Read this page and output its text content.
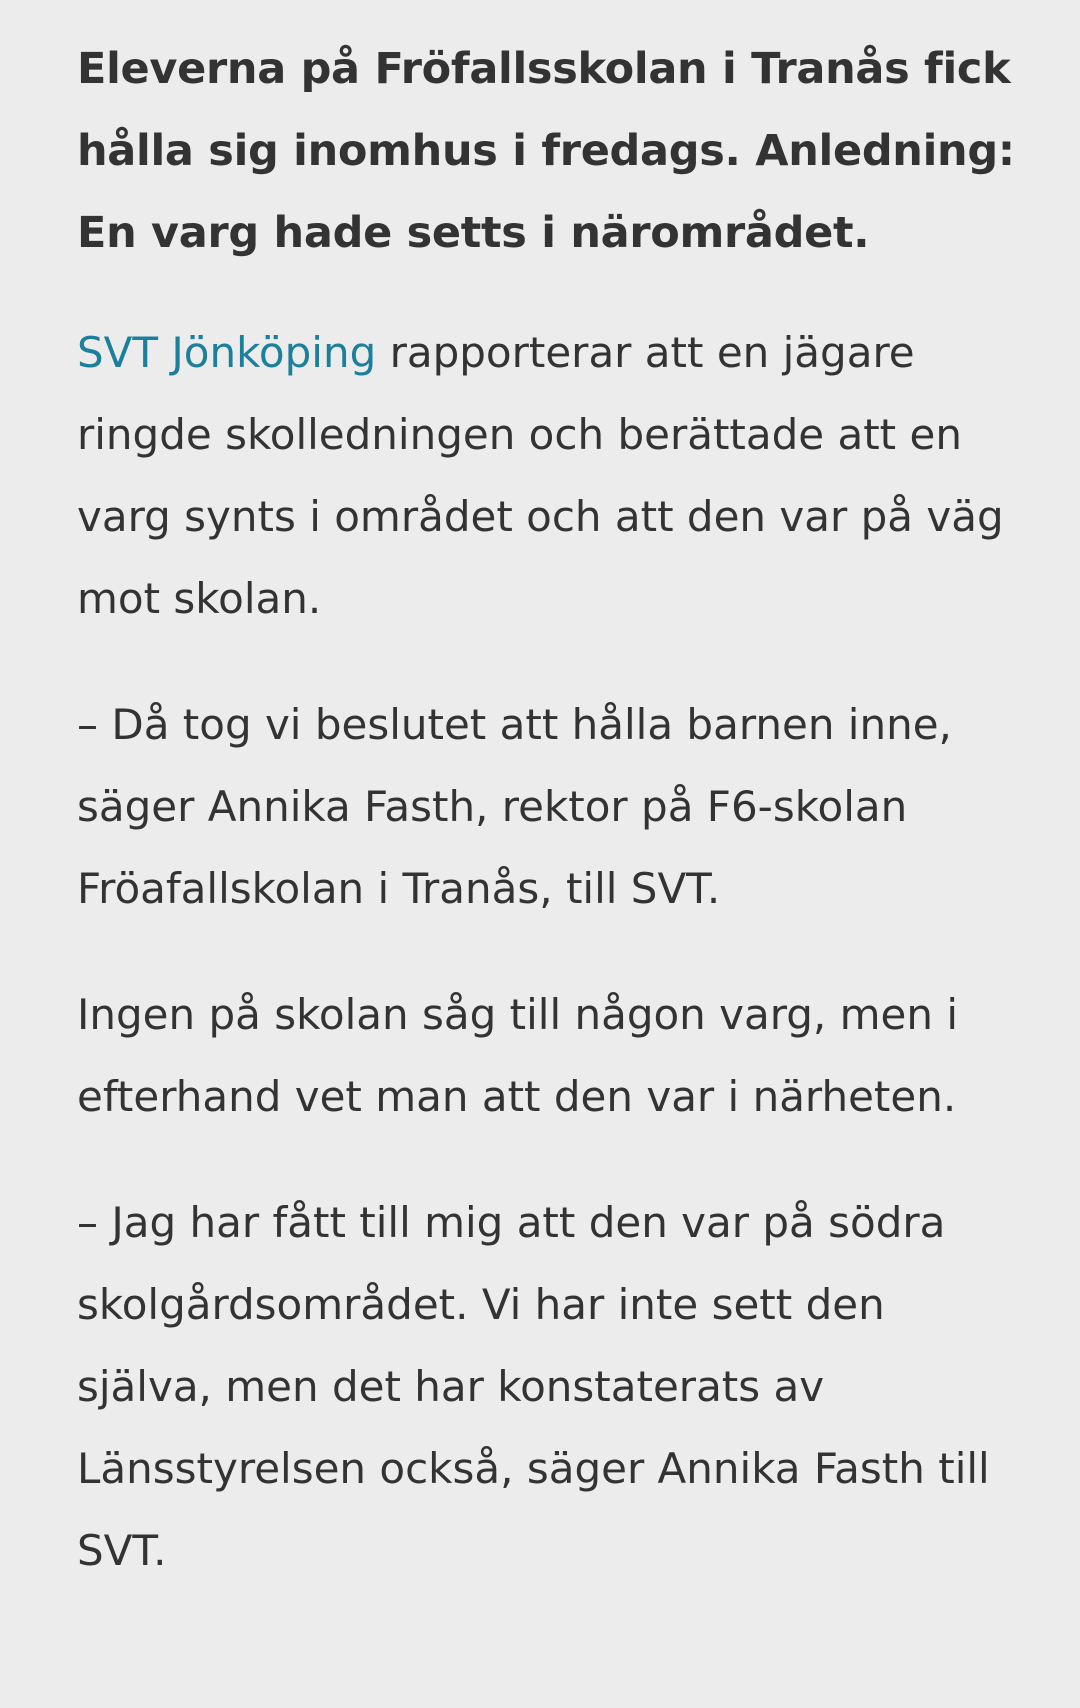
Eleverna på Fröfallsskolan i Tranås fick hålla sig inomhus i fredags. Anledning: En varg hade setts i närområdet.

SVT Jönköping rapporterar att en jägare ringde skolledningen och berättade att en varg synts i området och att den var på väg mot skolan.

– Då tog vi beslutet att hålla barnen inne, säger Annika Fasth, rektor på F6-skolan Fröafallskolan i Tranås, till SVT.

Ingen på skolan såg till någon varg, men i efterhand vet man att den var i närheten.

– Jag har fått till mig att den var på södra skolgårdsområdet. Vi har inte sett den själva, men det har konstaterats av Länsstyrelsen också, säger Annika Fasth till SVT.
